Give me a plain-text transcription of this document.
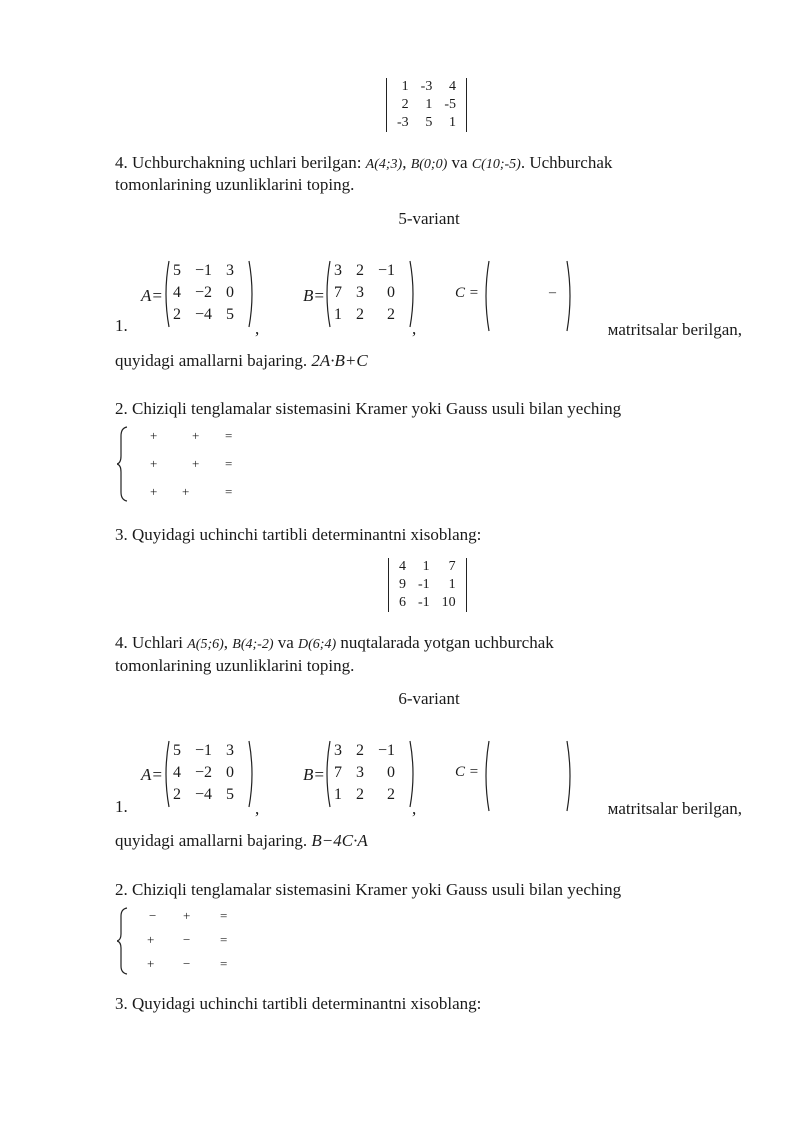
1	-3	4
2	1	-5
-3	5	1
4. Uchburchakning uchlari berilgan: A(4;3), B(0;0) va C(10;-5). Uchburchak
tomonlarining uzunliklarini toping.
5-variant
1.
A=
5	−1	3
4	−2	0
2	−4	5
,
B=
3	2	−1
7	3	0
1	2	2
,
C =	–
мatritsalar berilgan,
quyidagi amallarni bajaring. 2A·B+C
2. Chiziqli tenglamalar sistemasini Kramer yoki Gauss usuli bilan yeching
+	+ =
+	+ =
+ +	=
3. Quyidagi uchinchi tartibli determinantni xisoblang:
4	1	7
9	-1	1
6	-1	10
4. Uchlari A(5;6), B(4;-2) va D(6;4) nuqtalarada yotgan uchburchak
tomonlarining uzunliklarini toping.
6-variant
1.
A=
5	−1	3
4	−2	0
2	−4	5
,
B=
3	2	−1
7	3	0
1	2	2
,
C =
мatritsalar berilgan,
quyidagi amallarni bajaring. B−4C·A
2. Chiziqli tenglamalar sistemasini Kramer yoki Gauss usuli bilan yeching
− + =
+ − =
+ − =
3. Quyidagi uchinchi tartibli determinantni xisoblang:
